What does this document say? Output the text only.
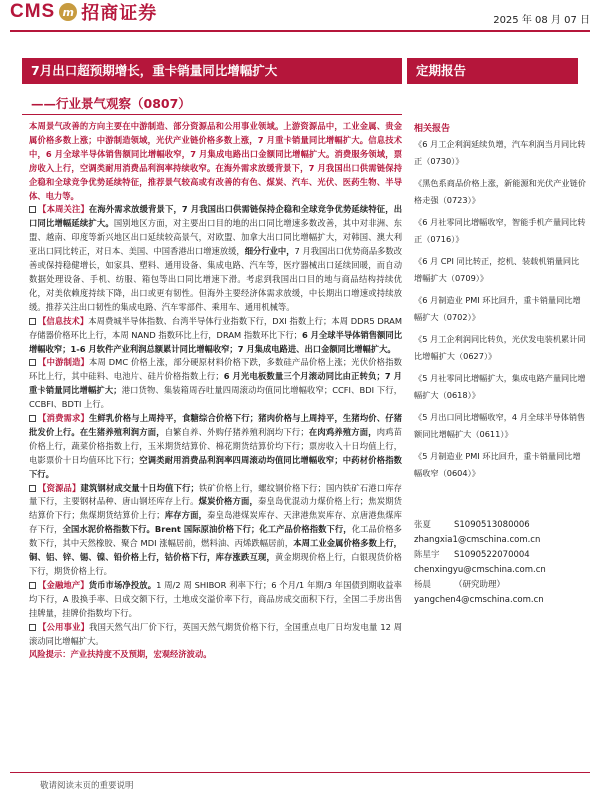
CMS m 招商证券	2025 年 08 月 07 日
7月出口超预期增长，重卡销量同比增幅扩大	定期报告
——行业景气观察（0807）
本周景气改善的方向主要在中游制造、部分资源品和公用事业领域。上游资源品中，工业金属、贵金属价格多数上涨；中游制造领域，光伏产业链价格多数上涨，7 月重卡销量同比增幅扩大。信息技术中，6 月全球半导体销售额同比增幅收窄，7 月集成电路出口金额同比增幅扩大。消费服务领域，票房收入上行，空调类耐用消费品利润率持续收窄。在海外需求放缓背景下，7 月我国出口供需链保持企稳和全球竞争优势延续特征，推荐景气较高或有改善的有色、煤炭、汽车、光伏、医药生物、半导体、电力等。

【本周关注】在海外需求放缓背景下，7 月我国出口供需链保持企稳和全球竞争优势延续特征，出口同比增幅延续扩大。国别地区方面，对主要出口目的地的出口同比增速多数改善，其中对非洲、东盟、越南、印度等新兴地区出口延续较高景气，对欧盟、加拿大出口同比增幅扩大，对韩国、澳大利亚出口同比转正，对日本、美国、中国香港出口增速放缓，细分行业中，7 月我国出口优势商品多数改善或保持稳健增长，如家具、塑料、通用设备、集成电路、汽车等，医疗器械出口延续回暖，而自动数据处理设备、手机、纺服、箱包等出口同比增速下滑。考虑到我国出口目的地与商品结构持续优化，对美依赖度持续下降，出口或更有韧性。但海外主要经济体需求放缓，中长期出口增速或持续放缓。推荐关注出口韧性的集成电路、汽车零部件、乘用车、通用机械等。

【信息技术】本周费城半导体指数、台湾半导体行业指数下行，DXI 指数上行；本周 DDR5 DRAM 存储器价格环比上行，本周 NAND 指数环比上行，DRAM 指数环比下行；6 月全球半导体销售额同比增幅收窄；1-6 月软件产业利润总额累计同比增幅收窄；7 月集成电路进、出口金额同比增幅扩大。

【中游制造】本周 DMC 价格上涨，部分硬原材料价格下跌，多数硅产品价格上涨；光伏价格指数环比上行，其中硅料、电池片、硅片价格指数上行；6 月光电板数量三个月滚动同比由正转负；7 月重卡销量同比增幅扩大；港口货物、集装箱周吞吐量四周滚动均值同比增幅收窄；CCFI、BDI 下行，CCBFI、BDTI 上行。

【消费需求】生鲜乳价格与上周持平，食糖综合价格下行；猪肉价格与上周持平，生猪均价、仔猪批发价上行。在生猪养殖利润方面，自繁自养、外购仔猪养殖利润均下行；在肉鸡养殖方面，肉鸡苗价格上行，蔬菜价格指数上行，玉米期货结算价、棉花期货结算价均下行；票房收入十日均值上行，电影票价十日均值环比下行；空调类耐用消费品利润率四周滚动均值同比增幅收窄；中药材价格指数下行。

【资源品】建筑钢材成交量十日均值下行；铁矿价格上行，螺纹钢价格下行；国内铁矿石港口库存量下行，主要钢材品种、唐山钢坯库存上行。煤炭价格方面，秦皇岛优混动力煤价格上行；焦炭期货结算价下行；焦煤期货结算价上行；库存方面，秦皇岛港煤炭库存、天津港焦炭库存、京唐港焦煤库存下行，全国水泥价格指数下行。Brent 国际原油价格下行；化工产品价格指数下行，化工品价格多数下行，其中天然橡胶、聚合 MDI 涨幅居前，燃料油、丙烯跌幅居前，本周工业金属价格多数上行，铜、铝、锌、锡、镍、铅价格上行，钴价格下行，库存涨跌互现，黄金期现价格上行，白银现货价格下行，期货价格上行。

【金融地产】货币市场净投放。1 周/2 周 SHIBOR 利率下行；6 个月/1 年期/3 年国债到期收益率均下行，A 股换手率、日成交额下行，土地成交溢价率下行，商品房成交面积下行，全国二手房出售挂牌量，挂牌价指数均下行。

【公用事业】我国天然气出厂价下行，英国天然气期货价格下行，全国重点电厂日均发电量 12 周滚动同比增幅扩大。

风险提示：产业扶持度不及预期，宏观经济波动。
相关报告
《 6 月工企利润延续负增，汽车利润当月同比转正（0730） 》
《 黑色系商品价格上涨，新能源和光伏产业链价格走强（0723） 》
《 6 月社零同比增幅收窄，智能手机产量同比转正（0716） 》
《 6 月 CPI 同比转正，挖机、装载机销量同比增幅扩大（0709） 》
《 6 月制造业 PMI 环比回升，重卡销量同比增幅扩大（0702） 》
《 5 月工企利润同比转负，光伏发电装机累计同比增幅扩大（0627） 》
《 5 月社零同比增幅扩大，集成电路产量同比增幅扩大（0618） 》
《 5 月出口同比增幅收窄，4 月全球半导体销售额同比增幅扩大（0611） 》
《 5 月制造业 PMI 环比回升，重卡销量同比增幅收窄（0604） 》
张夏	S1090513080006
zhangxia1@cmschina.com.cn
陈星宇	S1090522070004
chenxingyu@cmschina.com.cn
杨晨	（研究助理）
yangchen4@cmschina.com.cn
敬请阅读末页的重要说明
